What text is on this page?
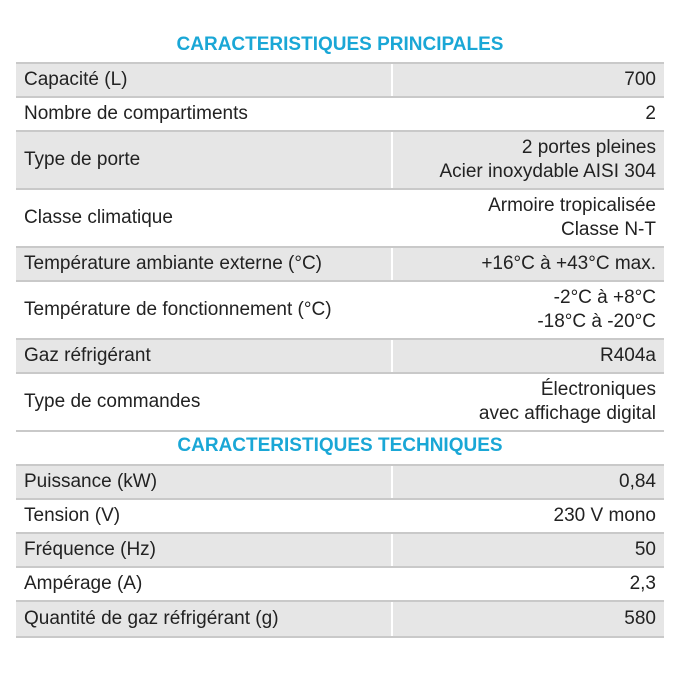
CARACTERISTIQUES PRINCIPALES
Capacité (L)	700

Nombre de compartiments	2

Type de porte	2 portes pleines
Acier inoxydable AISI 304

Classe climatique	Armoire tropicalisée
Classe N-T

Température ambiante externe (°C)	+16°C à +43°C max.

Température de fonctionnement (°C)	-2°C à +8°C
-18°C à -20°C

Gaz réfrigérant	R404a

Type de commandes	Électroniques
avec affichage digital
CARACTERISTIQUES TECHNIQUES
Puissance (kW)	0,84

Tension (V)	230 V mono

Fréquence (Hz)	50

Ampérage (A)	2,3

Quantité de gaz réfrigérant (g)	580
